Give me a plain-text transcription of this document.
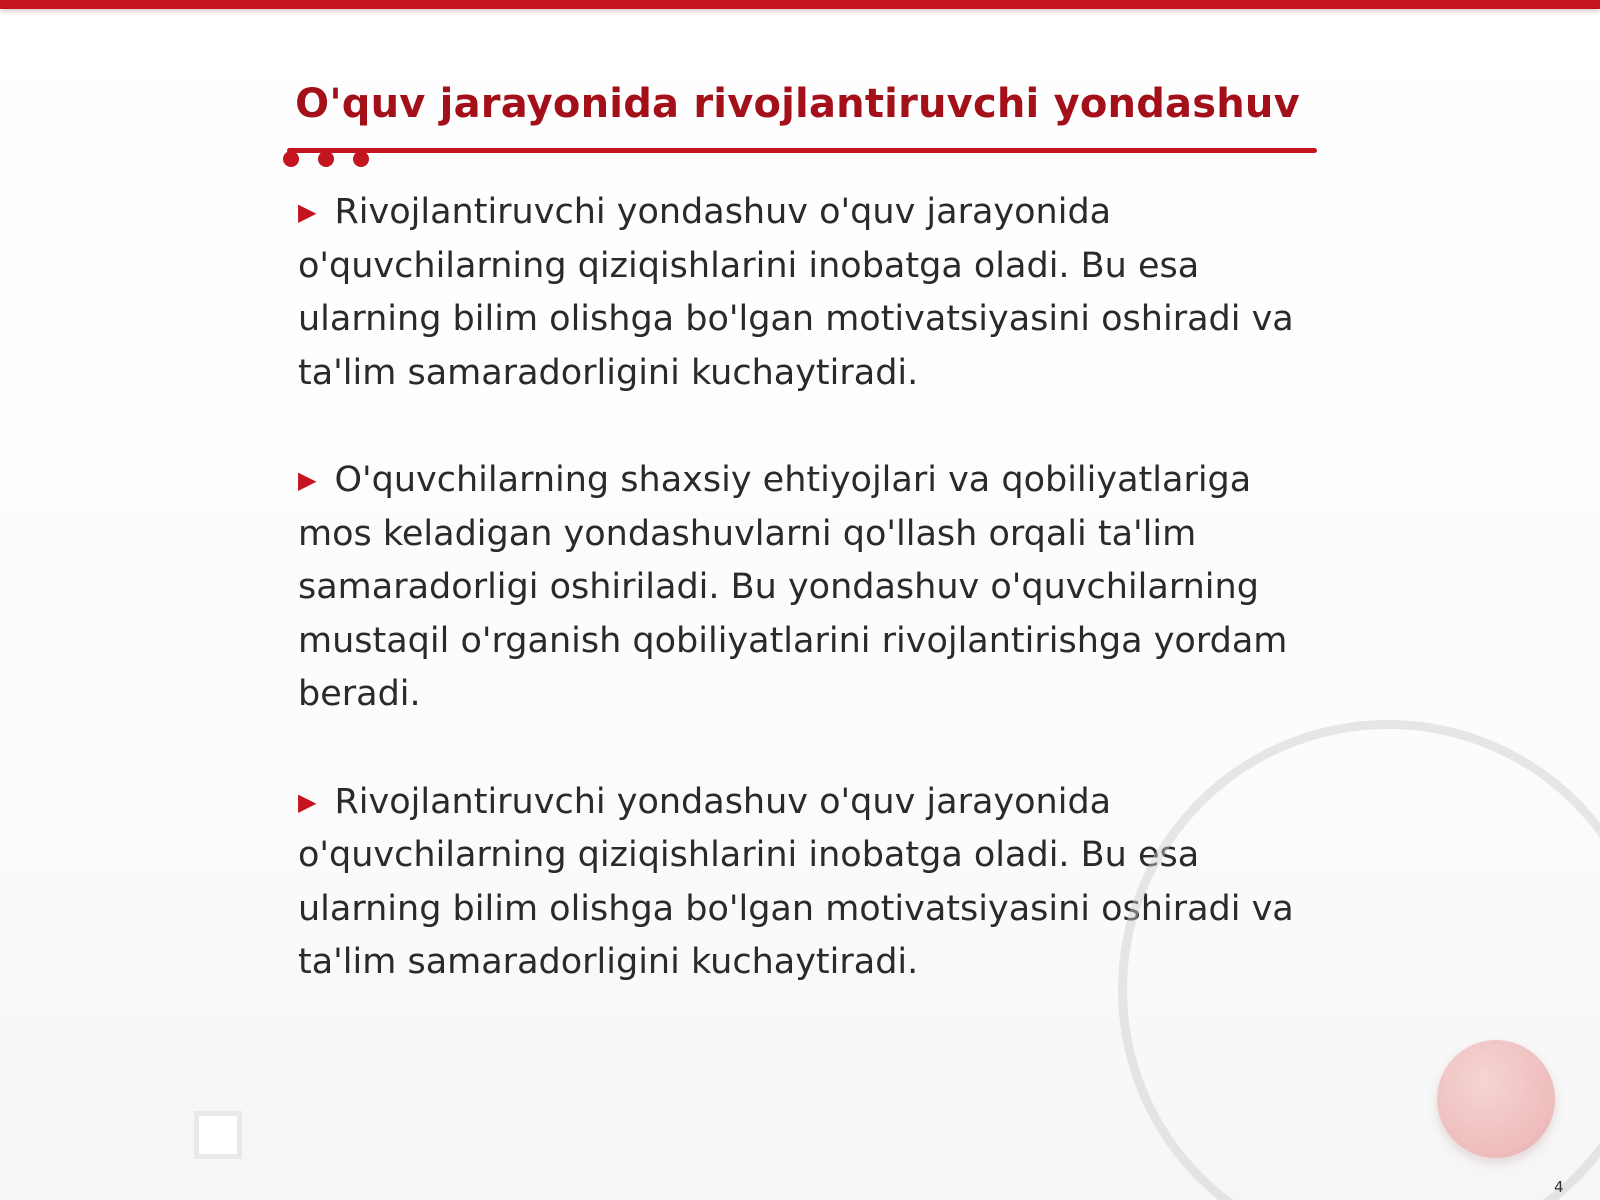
O'quv jarayonida rivojlantiruvchi yondashuv

▶ Rivojlantiruvchi yondashuv o'quv jarayonida o'quvchilarning qiziqishlarini inobatga oladi. Bu esa ularning bilim olishga bo'lgan motivatsiyasini oshiradi va ta'lim samaradorligini kuchaytiradi.

▶ O'quvchilarning shaxsiy ehtiyojlari va qobiliyatlariga mos keladigan yondashuvlarni qo'llash orqali ta'lim samaradorligi oshiriladi. Bu yondashuv o'quvchilarning mustaqil o'rganish qobiliyatlarini rivojlantirishga yordam beradi.

▶ Rivojlantiruvchi yondashuv o'quv jarayonida o'quvchilarning qiziqishlarini inobatga oladi. Bu esa ularning bilim olishga bo'lgan motivatsiyasini oshiradi va ta'lim samaradorligini kuchaytiradi.

4
